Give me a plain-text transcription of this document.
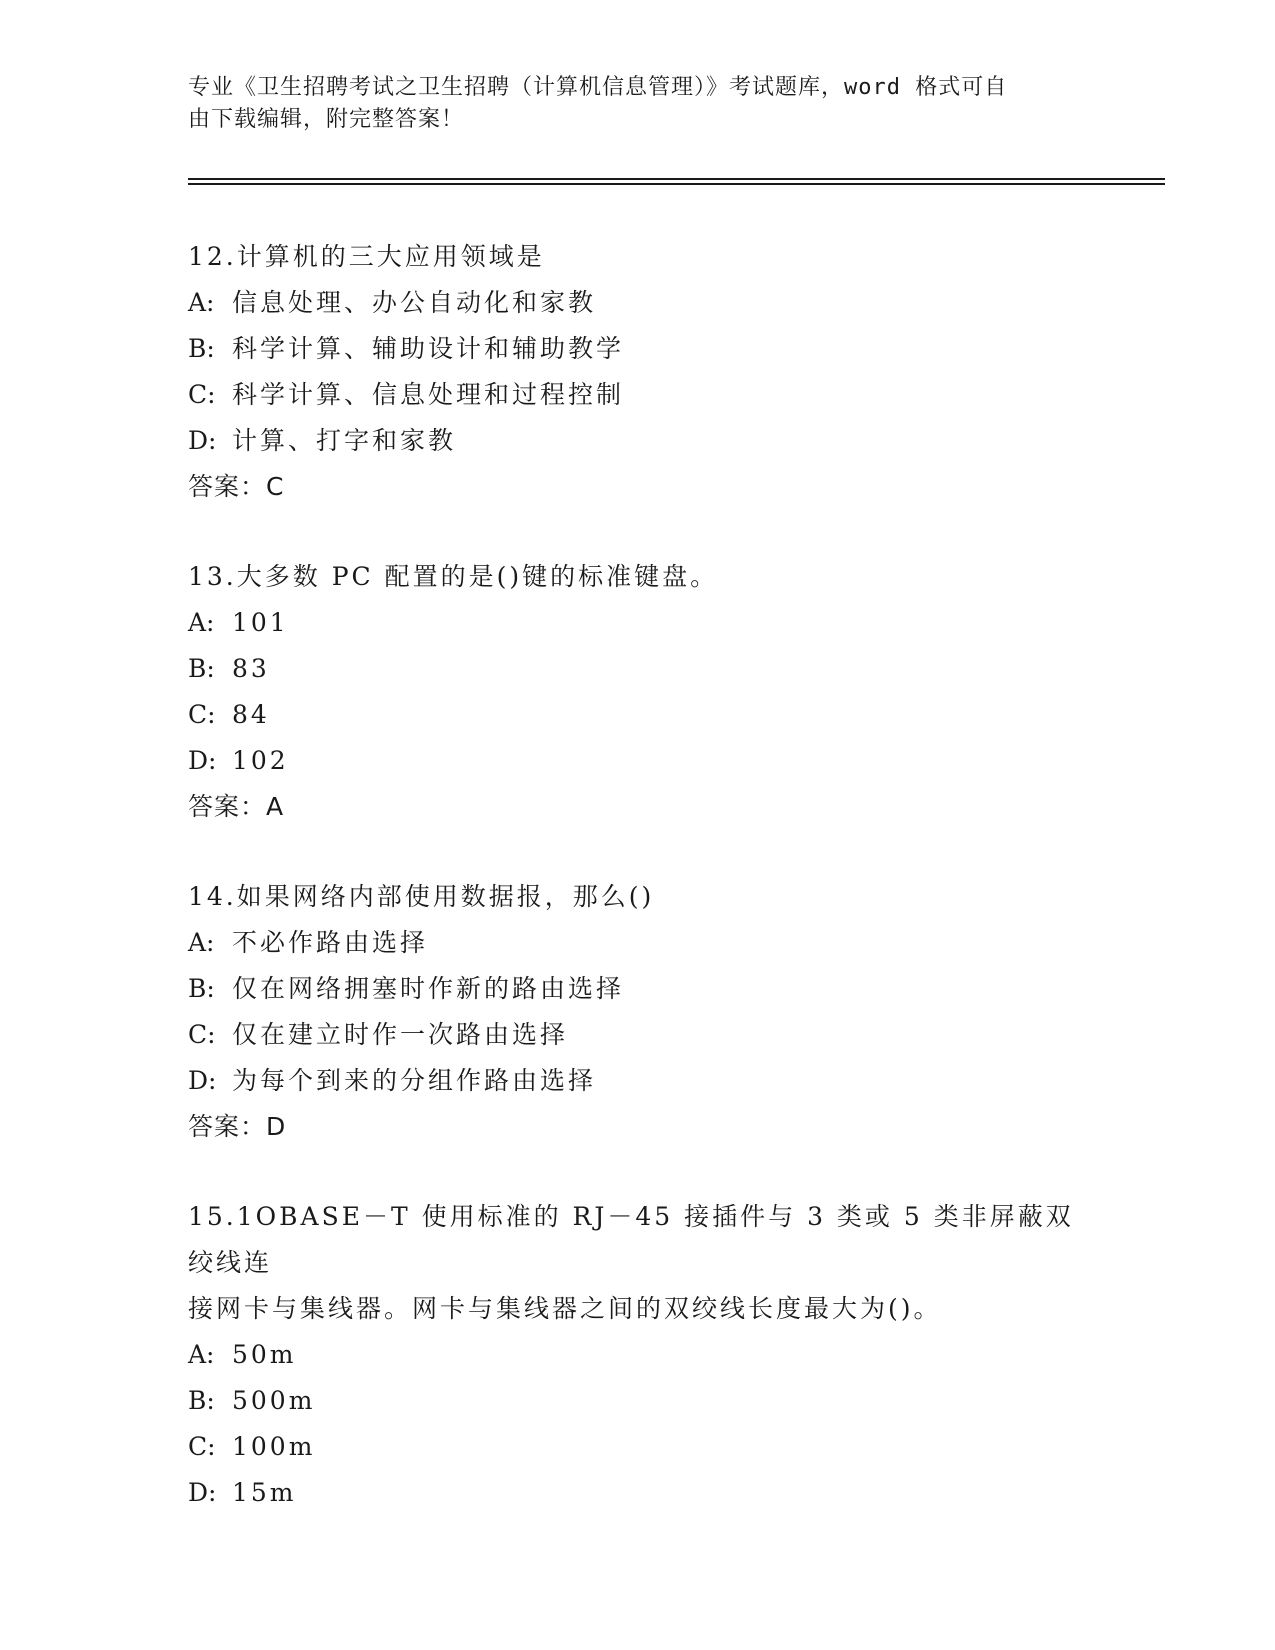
专业《卫生招聘考试之卫生招聘（计算机信息管理）》考试题库，word 格式可自

由下载编辑，附完整答案！

12.计算机的三大应用领域是

A: 信息处理、办公自动化和家教

B: 科学计算、辅助设计和辅助教学

C: 科学计算、信息处理和过程控制

D: 计算、打字和家教

答案：C

13.大多数 PC 配置的是()键的标准键盘。

A: 101

B: 83

C: 84

D: 102

答案：A

14.如果网络内部使用数据报，那么()

A: 不必作路由选择

B: 仅在网络拥塞时作新的路由选择

C: 仅在建立时作一次路由选择

D: 为每个到来的分组作路由选择

答案：D

15.1OBASE－T 使用标准的 RJ－45 接插件与 3 类或 5 类非屏蔽双绞线连

接网卡与集线器。网卡与集线器之间的双绞线长度最大为()。

A: 50m

B: 500m

C: 100m

D: 15m
